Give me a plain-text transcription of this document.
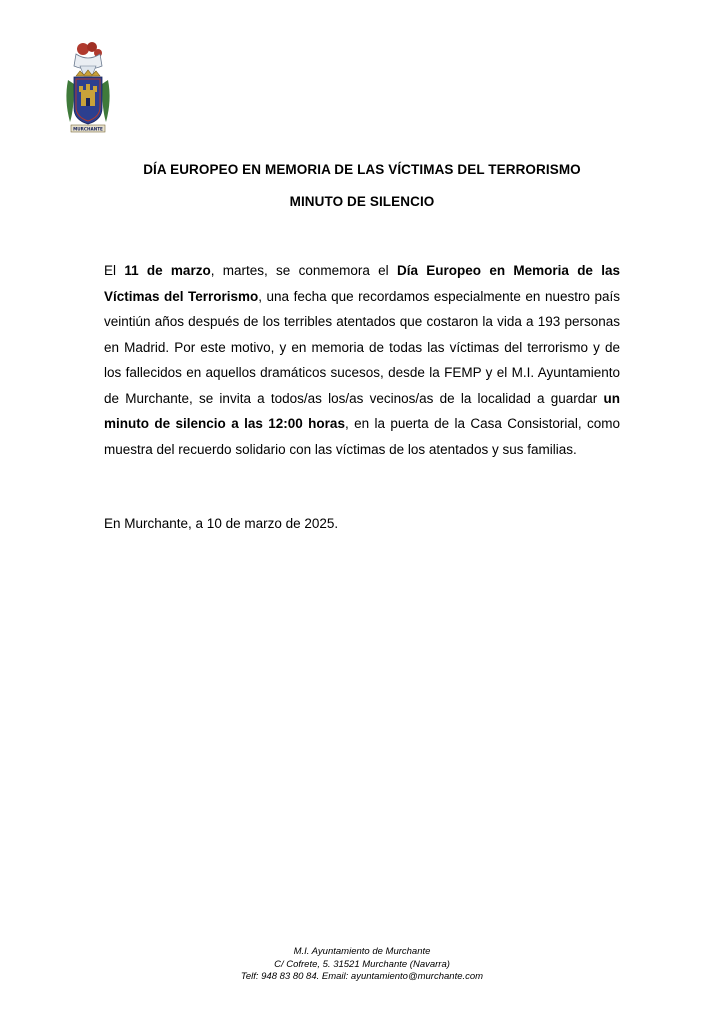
MURCHANTE
DÍA EUROPEO EN MEMORIA DE LAS VÍCTIMAS DEL TERRORISMO
MINUTO DE SILENCIO
El 11 de marzo, martes, se conmemora el Día Europeo en Memoria de las Víctimas del Terrorismo, una fecha que recordamos especialmente en nuestro país veintiún años después de los terribles atentados que costaron la vida a 193 personas en Madrid. Por este motivo, y en memoria de todas las víctimas del terrorismo y de los fallecidos en aquellos dramáticos sucesos, desde la FEMP y el M.I. Ayuntamiento de Murchante, se invita a todos/as los/as vecinos/as de la localidad a guardar un minuto de silencio a las 12:00 horas, en la puerta de la Casa Consistorial, como muestra del recuerdo solidario con las víctimas de los atentados y sus familias.
En Murchante, a 10 de marzo de 2025.
M.I. Ayuntamiento de Murchante
C/ Cofrete, 5. 31521 Murchante (Navarra)
Telf: 948 83 80 84. Email: ayuntamiento@murchante.com
